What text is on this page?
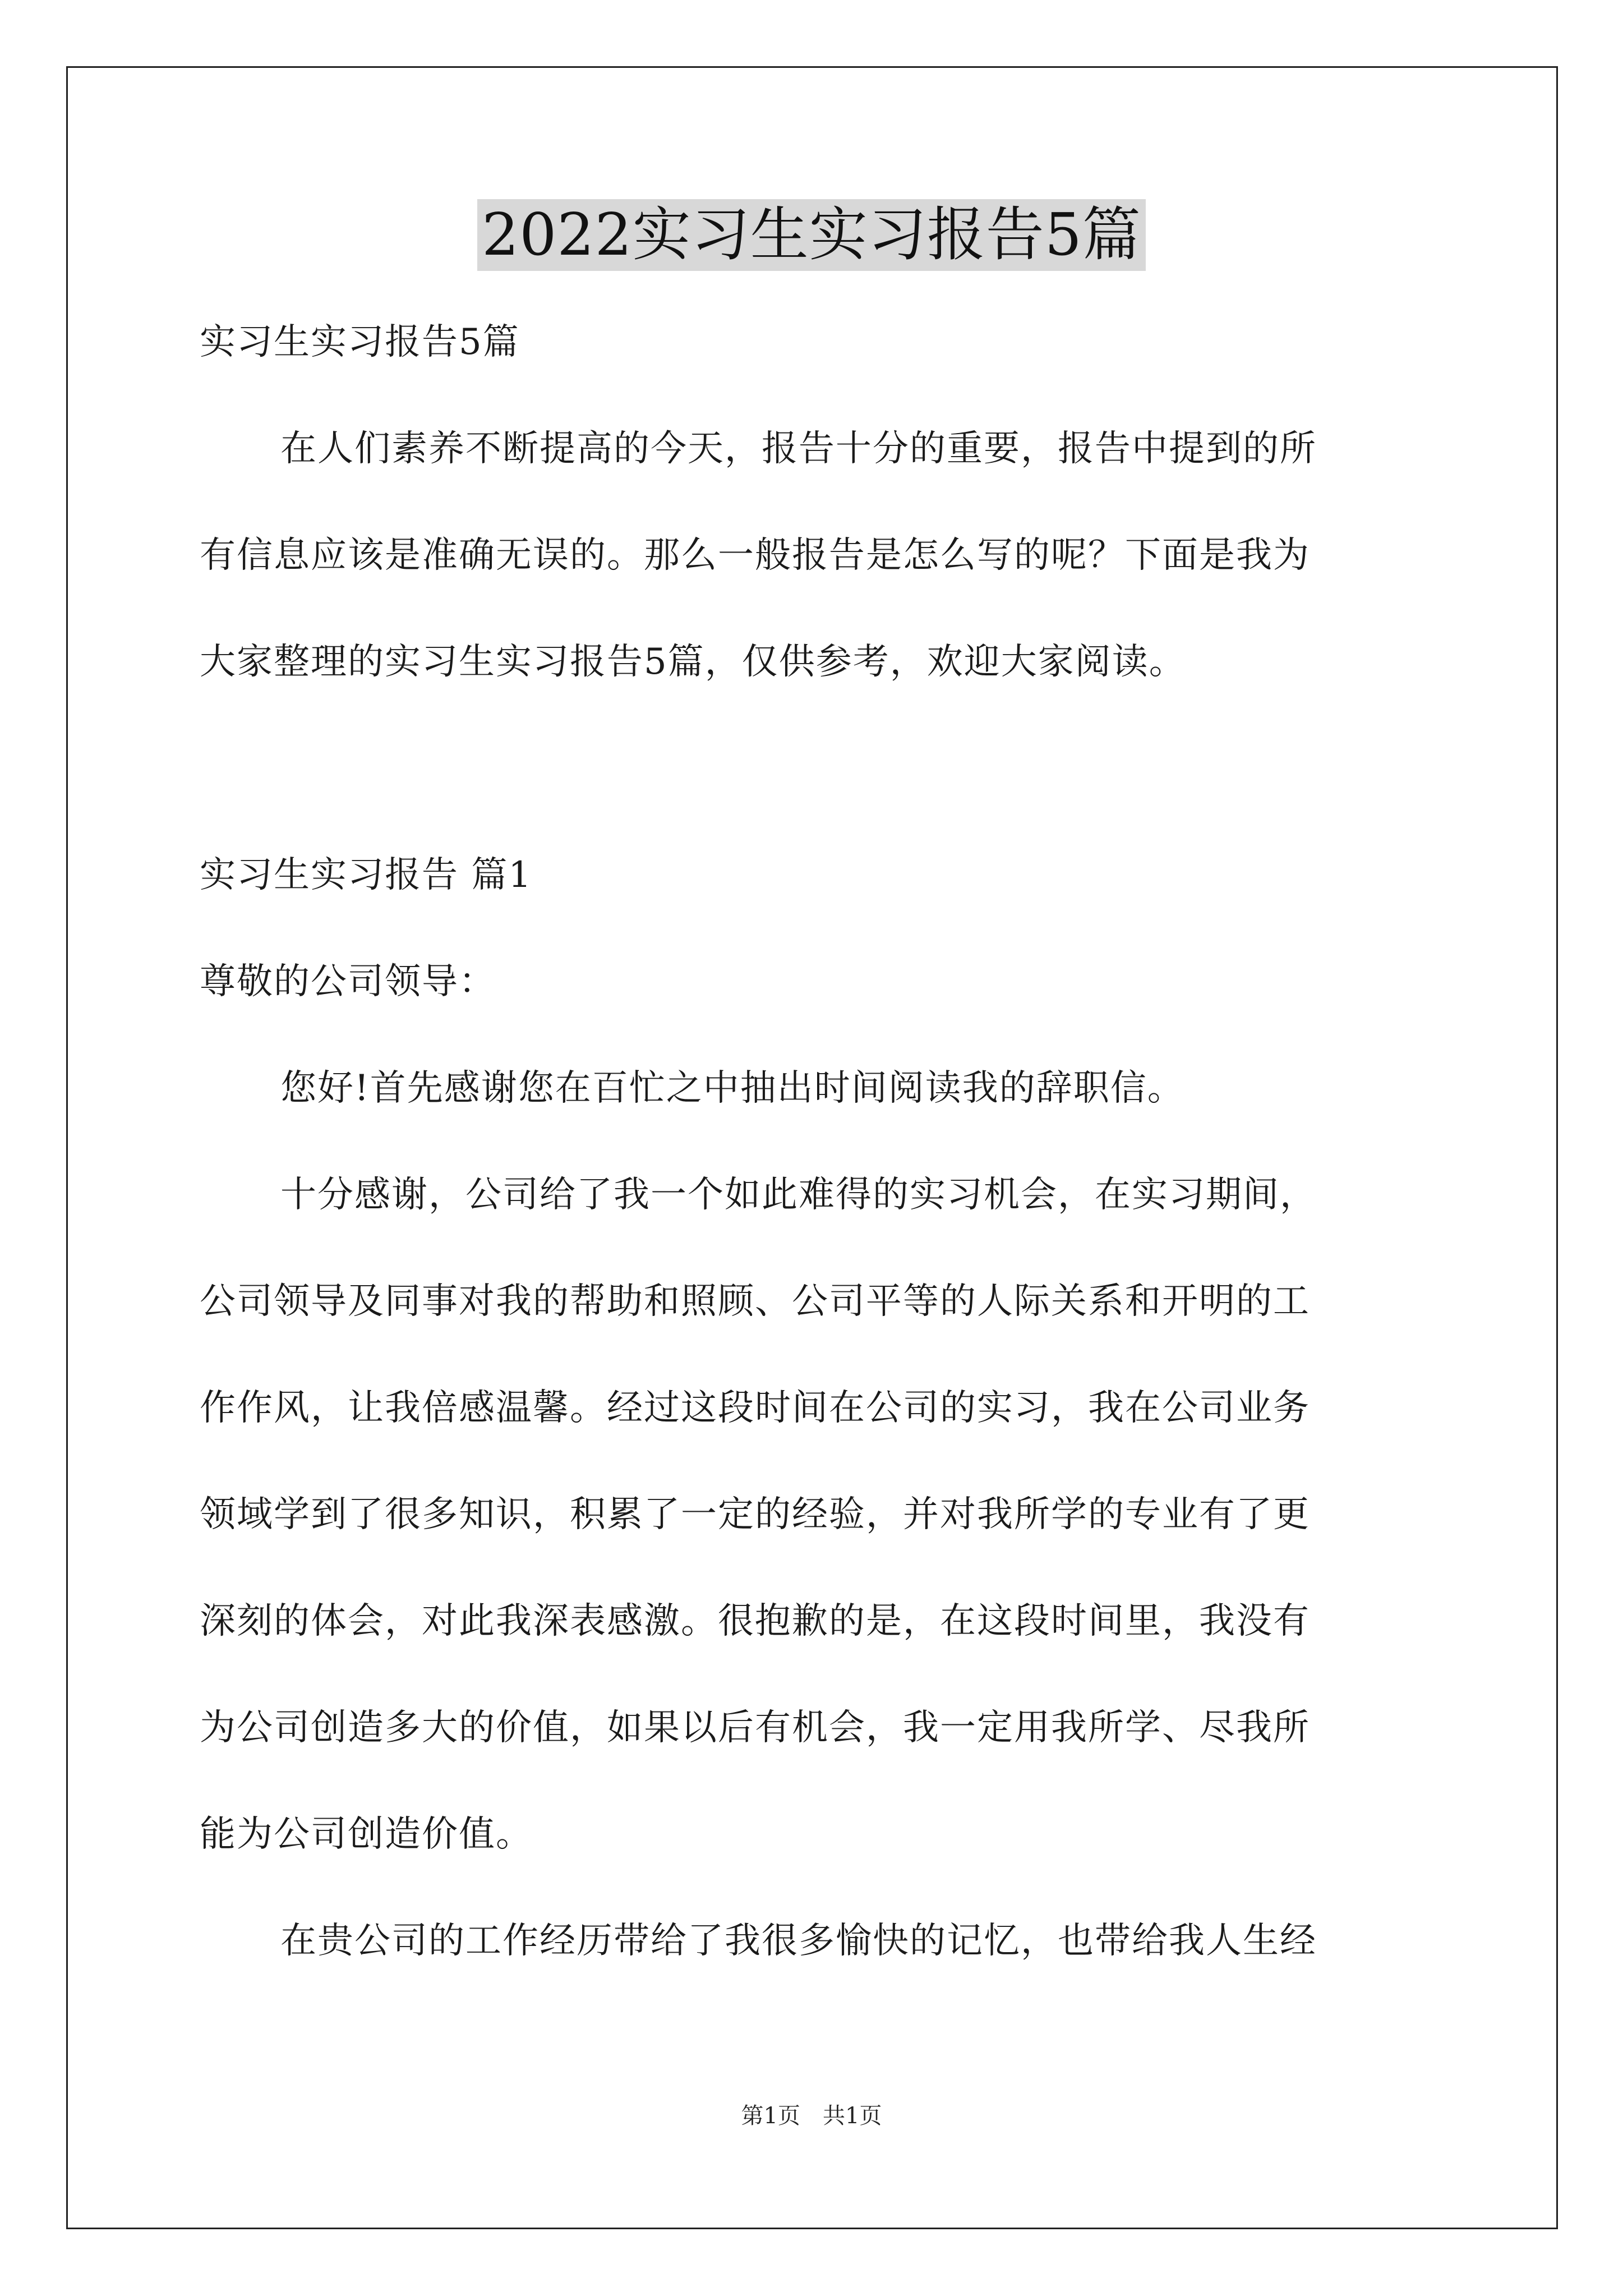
2022实习生实习报告5篇
实习生实习报告5篇
在人们素养不断提高的今天，报告十分的重要，报告中提到的所
有信息应该是准确无误的。那么一般报告是怎么写的呢？下面是我为
大家整理的实习生实习报告5篇，仅供参考，欢迎大家阅读。
实习生实习报告 篇1
尊敬的公司领导：
您好!首先感谢您在百忙之中抽出时间阅读我的辞职信。
十分感谢，公司给了我一个如此难得的实习机会，在实习期间，
公司领导及同事对我的帮助和照顾、公司平等的人际关系和开明的工
作作风，让我倍感温馨。经过这段时间在公司的实习，我在公司业务
领域学到了很多知识，积累了一定的经验，并对我所学的专业有了更
深刻的体会，对此我深表感激。很抱歉的是，在这段时间里，我没有
为公司创造多大的价值，如果以后有机会，我一定用我所学、尽我所
能为公司创造价值。
在贵公司的工作经历带给了我很多愉快的记忆，也带给我人生经
第1页　共1页
